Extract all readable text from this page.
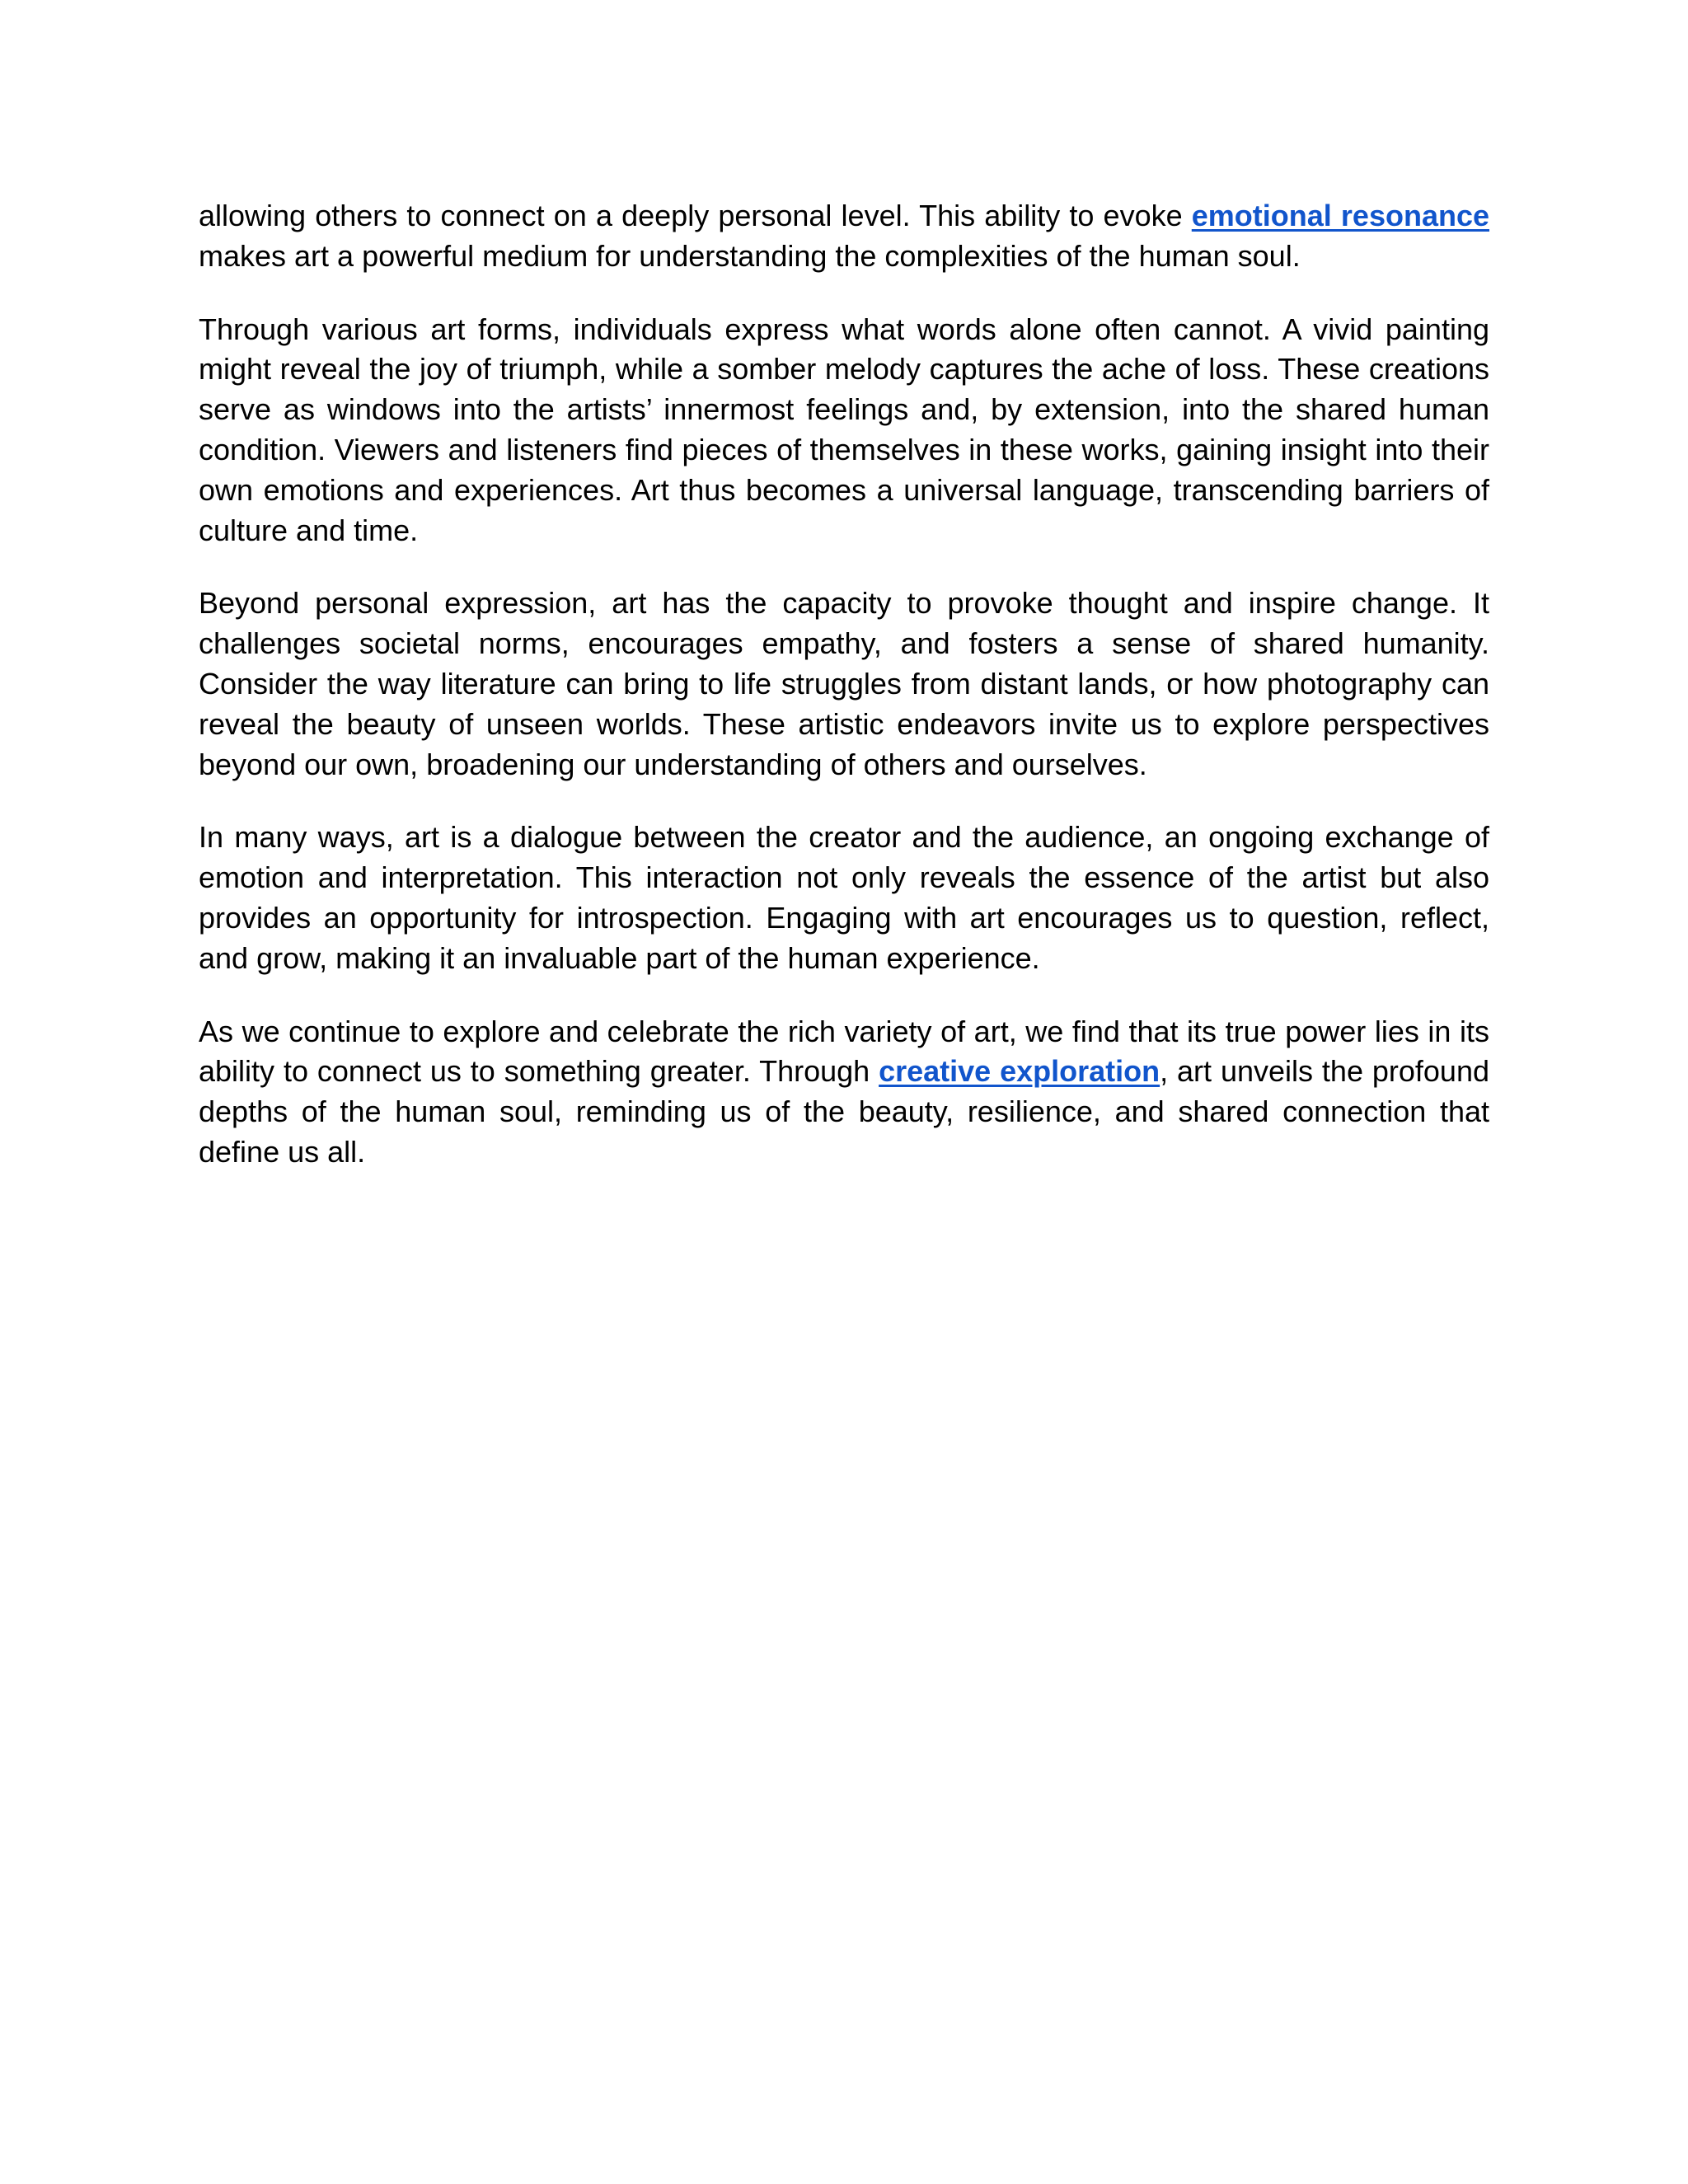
allowing others to connect on a deeply personal level. This ability to evoke emotional resonance makes art a powerful medium for understanding the complexities of the human soul.

Through various art forms, individuals express what words alone often cannot. A vivid painting might reveal the joy of triumph, while a somber melody captures the ache of loss. These creations serve as windows into the artists’ innermost feelings and, by extension, into the shared human condition. Viewers and listeners find pieces of themselves in these works, gaining insight into their own emotions and experiences. Art thus becomes a universal language, transcending barriers of culture and time.

Beyond personal expression, art has the capacity to provoke thought and inspire change. It challenges societal norms, encourages empathy, and fosters a sense of shared humanity. Consider the way literature can bring to life struggles from distant lands, or how photography can reveal the beauty of unseen worlds. These artistic endeavors invite us to explore perspectives beyond our own, broadening our understanding of others and ourselves.

In many ways, art is a dialogue between the creator and the audience, an ongoing exchange of emotion and interpretation. This interaction not only reveals the essence of the artist but also provides an opportunity for introspection. Engaging with art encourages us to question, reflect, and grow, making it an invaluable part of the human experience.

As we continue to explore and celebrate the rich variety of art, we find that its true power lies in its ability to connect us to something greater. Through creative exploration, art unveils the profound depths of the human soul, reminding us of the beauty, resilience, and shared connection that define us all.
